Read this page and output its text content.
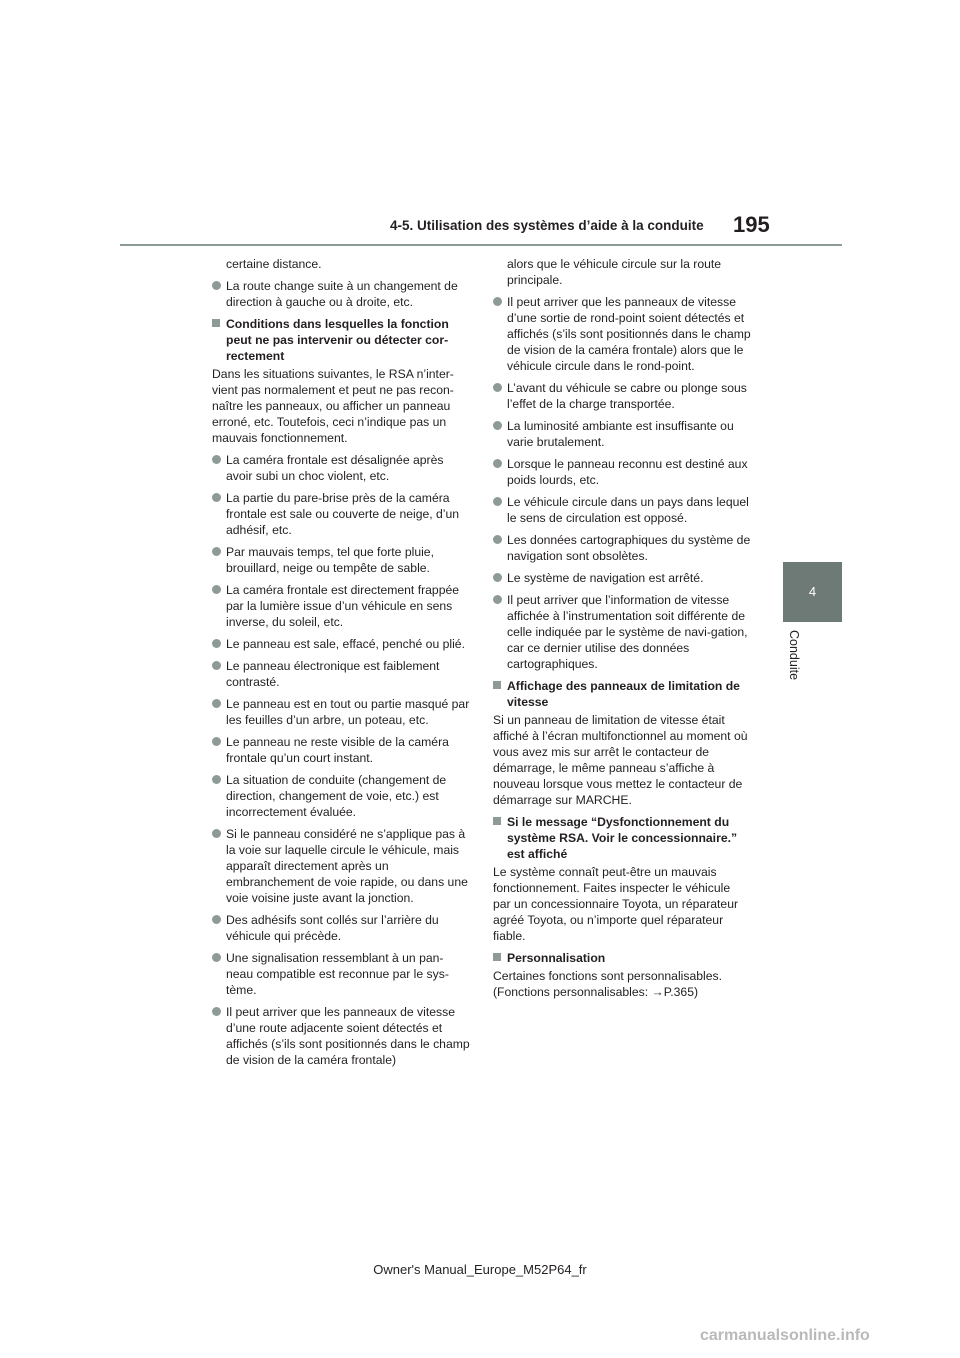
4-5. Utilisation des systèmes d’aide à la conduite 195
4
Conduite
certaine distance.
La route change suite à un changement de direction à gauche ou à droite, etc.
Conditions dans lesquelles la fonction peut ne pas intervenir ou détecter cor-rectement
Dans les situations suivantes, le RSA n’inter-vient pas normalement et peut ne pas recon-naître les panneaux, ou afficher un panneau erroné, etc. Toutefois, ceci n’indique pas un mauvais fonctionnement.
La caméra frontale est désalignée après avoir subi un choc violent, etc.
La partie du pare-brise près de la caméra frontale est sale ou couverte de neige, d’un adhésif, etc.
Par mauvais temps, tel que forte pluie, brouillard, neige ou tempête de sable.
La caméra frontale est directement frappée par la lumière issue d’un véhicule en sens inverse, du soleil, etc.
Le panneau est sale, effacé, penché ou plié.
Le panneau électronique est faiblement contrasté.
Le panneau est en tout ou partie masqué par les feuilles d’un arbre, un poteau, etc.
Le panneau ne reste visible de la caméra frontale qu’un court instant.
La situation de conduite (changement de direction, changement de voie, etc.) est incorrectement évaluée.
Si le panneau considéré ne s’applique pas à la voie sur laquelle circule le véhicule, mais apparaît directement après un embranchement de voie rapide, ou dans une voie voisine juste avant la jonction.
Des adhésifs sont collés sur l’arrière du véhicule qui précède.
Une signalisation ressemblant à un pan-neau compatible est reconnue par le sys-tème.
Il peut arriver que les panneaux de vitesse d’une route adjacente soient détectés et affichés (s’ils sont positionnés dans le champ de vision de la caméra frontale)
alors que le véhicule circule sur la route principale.
Il peut arriver que les panneaux de vitesse d’une sortie de rond-point soient détectés et affichés (s’ils sont positionnés dans le champ de vision de la caméra frontale) alors que le véhicule circule dans le rond-point.
L’avant du véhicule se cabre ou plonge sous l’effet de la charge transportée.
La luminosité ambiante est insuffisante ou varie brutalement.
Lorsque le panneau reconnu est destiné aux poids lourds, etc.
Le véhicule circule dans un pays dans lequel le sens de circulation est opposé.
Les données cartographiques du système de navigation sont obsolètes.
Le système de navigation est arrêté.
Il peut arriver que l’information de vitesse affichée à l’instrumentation soit différente de celle indiquée par le système de navi-gation, car ce dernier utilise des données cartographiques.
Affichage des panneaux de limitation de vitesse
Si un panneau de limitation de vitesse était affiché à l’écran multifonctionnel au moment où vous avez mis sur arrêt le contacteur de démarrage, le même panneau s’affiche à nouveau lorsque vous mettez le contacteur de démarrage sur MARCHE.
Si le message “Dysfonctionnement du système RSA. Voir le concessionnaire.” est affiché
Le système connaît peut-être un mauvais fonctionnement. Faites inspecter le véhicule par un concessionnaire Toyota, un réparateur agréé Toyota, ou n’importe quel réparateur fiable.
Personnalisation
Certaines fonctions sont personnalisables. (Fonctions personnalisables: →P.365)
Owner's Manual_Europe_M52P64_fr
carmanualsonline.info
